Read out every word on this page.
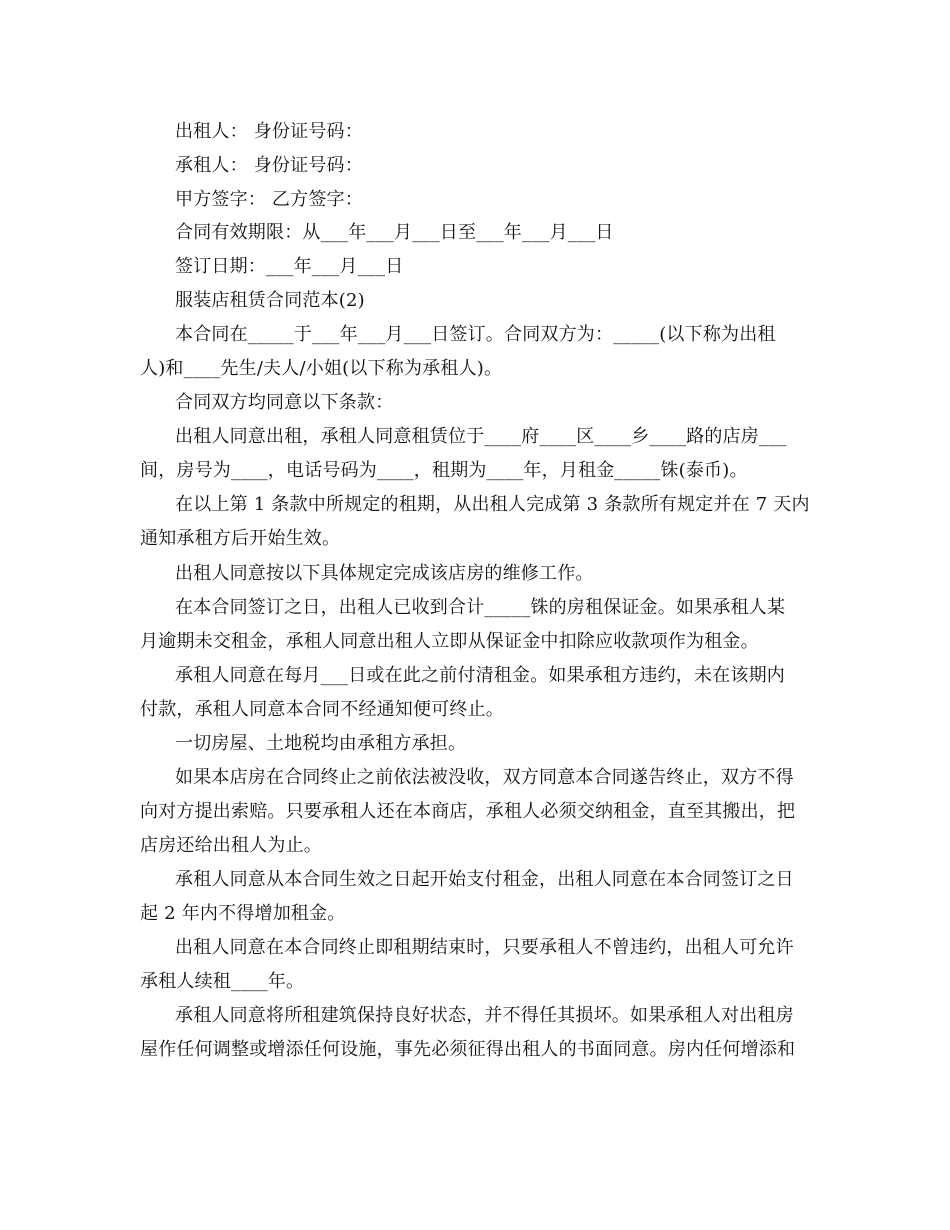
出租人： 身份证号码：
承租人： 身份证号码：
甲方签字： 乙方签字：
合同有效期限：从___年___月___日至___年___月___日
签订日期：___年___月___日
服装店租赁合同范本(2)
本合同在_____于___年___月___日签订。合同双方为：_____(以下称为出租
人)和____先生/夫人/小姐(以下称为承租人)。
合同双方均同意以下条款：
出租人同意出租，承租人同意租赁位于____府____区____乡____路的店房___
间，房号为____，电话号码为____，租期为____年，月租金_____铢(泰币)。
在以上第 1 条款中所规定的租期，从出租人完成第 3 条款所有规定并在 7 天内
通知承租方后开始生效。
出租人同意按以下具体规定完成该店房的维修工作。
在本合同签订之日，出租人已收到合计_____铢的房租保证金。如果承租人某
月逾期未交租金，承租人同意出租人立即从保证金中扣除应收款项作为租金。
承租人同意在每月___日或在此之前付清租金。如果承租方违约，未在该期内
付款，承租人同意本合同不经通知便可终止。
一切房屋、土地税均由承租方承担。
如果本店房在合同终止之前依法被没收，双方同意本合同遂告终止，双方不得
向对方提出索赔。只要承租人还在本商店，承租人必须交纳租金，直至其搬出，把
店房还给出租人为止。
承租人同意从本合同生效之日起开始支付租金，出租人同意在本合同签订之日
起 2 年内不得增加租金。
出租人同意在本合同终止即租期结束时，只要承租人不曾违约，出租人可允许
承租人续租____年。
承租人同意将所租建筑保持良好状态，并不得任其损坏。如果承租人对出租房
屋作任何调整或增添任何设施，事先必须征得出租人的书面同意。房内任何增添和
